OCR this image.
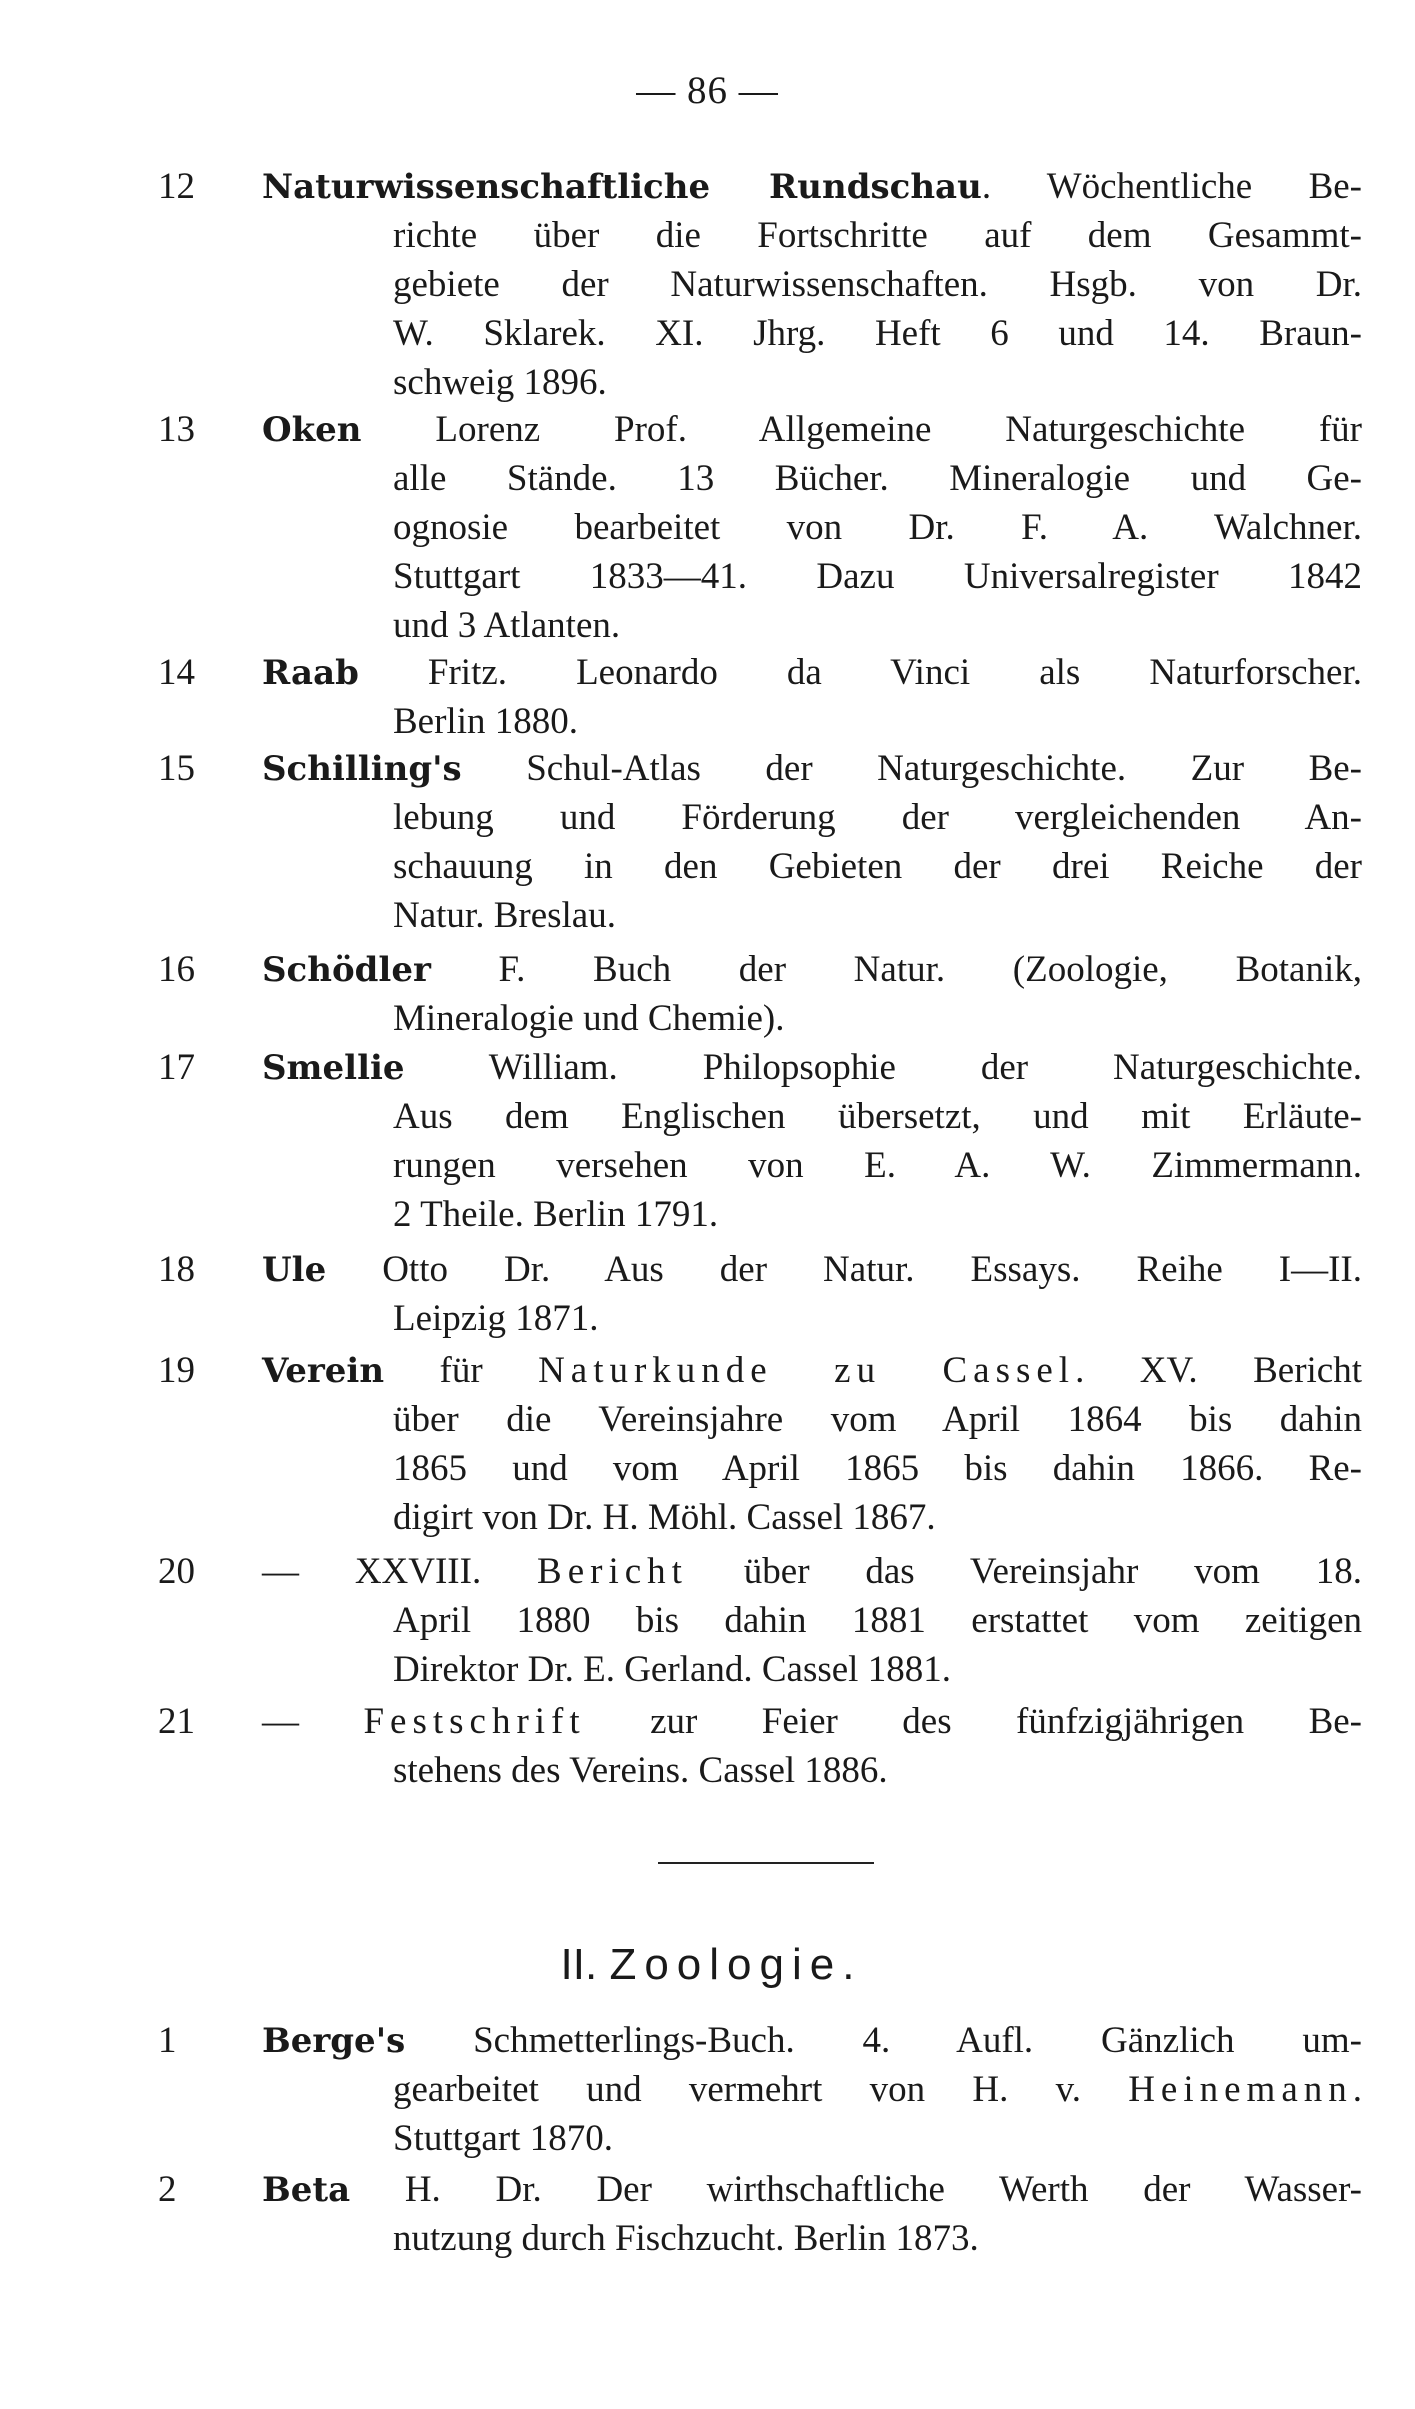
— 86 —
12	Naturwissenschaftliche Rundschau. Wöchentliche Be-
richte über die Fortschritte auf dem Gesammt-
gebiete der Naturwissenschaften. Hsgb. von Dr.
W. Sklarek. XI. Jhrg. Heft 6 und 14. Braun-
schweig 1896.
13	Oken Lorenz Prof. Allgemeine Naturgeschichte für
alle Stände. 13 Bücher. Mineralogie und Ge-
ognosie bearbeitet von Dr. F. A. Walchner.
Stuttgart 1833—41. Dazu Universalregister 1842
und 3 Atlanten.
14	Raab Fritz. Leonardo da Vinci als Naturforscher.
Berlin 1880.
15	Schilling's Schul-Atlas der Naturgeschichte. Zur Be-
lebung und Förderung der vergleichenden An-
schauung in den Gebieten der drei Reiche der
Natur. Breslau.
16	Schödler F. Buch der Natur. (Zoologie, Botanik,
Mineralogie und Chemie).
17	Smellie William. Philopsophie der Naturgeschichte.
Aus dem Englischen übersetzt, und mit Erläute-
rungen versehen von E. A. W. Zimmermann.
2 Theile. Berlin 1791.
18	Ule Otto Dr. Aus der Natur. Essays. Reihe I—II.
Leipzig 1871.
19	Verein für Naturkunde zu Cassel. XV. Bericht
über die Vereinsjahre vom April 1864 bis dahin
1865 und vom April 1865 bis dahin 1866. Re-
digirt von Dr. H. Möhl. Cassel 1867.
20	— XXVIII. Bericht über das Vereinsjahr vom 18.
April 1880 bis dahin 1881 erstattet vom zeitigen
Direktor Dr. E. Gerland. Cassel 1881.
21	— Festschrift zur Feier des fünfzigjährigen Be-
stehens des Vereins. Cassel 1886.
II. Zoologie.
1	Berge's Schmetterlings-Buch. 4. Aufl. Gänzlich um-
gearbeitet und vermehrt von H. v. Heinemann.
Stuttgart 1870.
2	Beta H. Dr. Der wirthschaftliche Werth der Wasser-
nutzung durch Fischzucht. Berlin 1873.
